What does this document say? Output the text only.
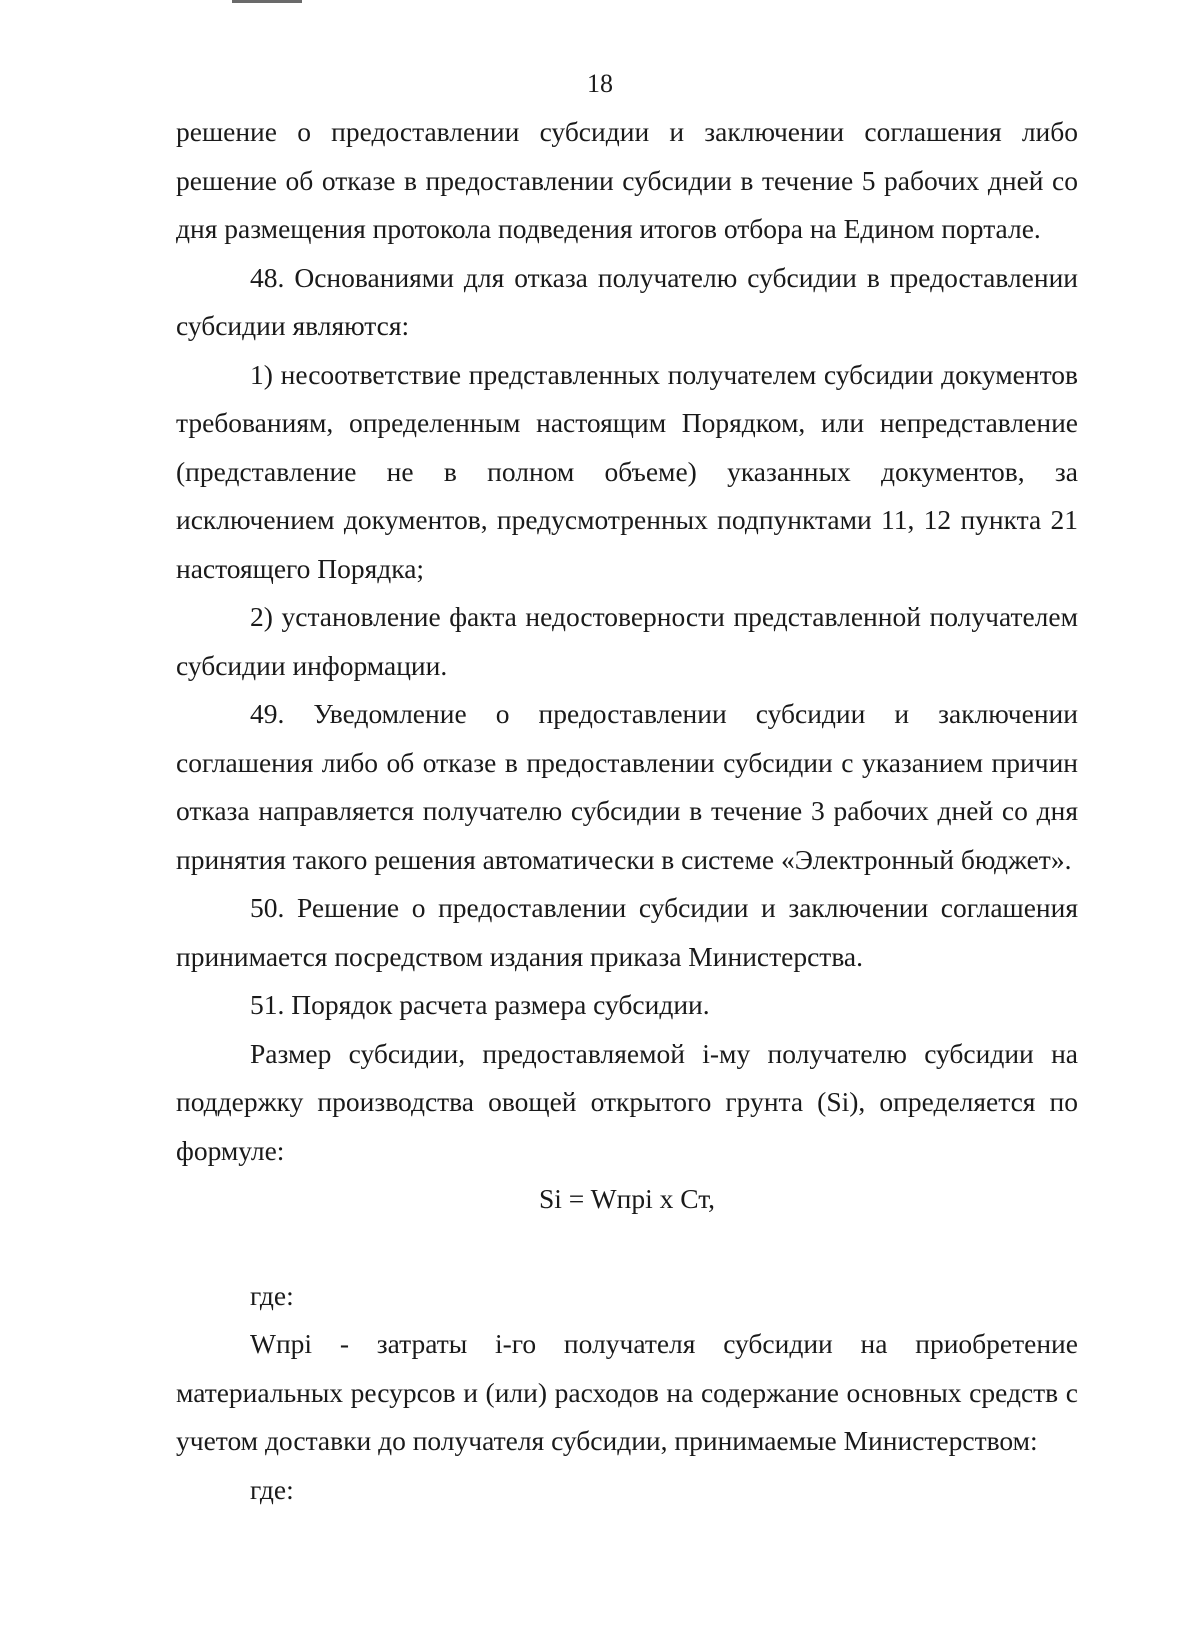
18

решение о предоставлении субсидии и заключении соглашения либо решение об отказе в предоставлении субсидии в течение 5 рабочих дней со дня размещения протокола подведения итогов отбора на Едином портале.

48. Основаниями для отказа получателю субсидии в предоставлении субсидии являются:

1) несоответствие представленных получателем субсидии документов требованиям, определенным настоящим Порядком, или непредставление (представление не в полном объеме) указанных документов, за исключением документов, предусмотренных подпунктами 11, 12 пункта 21 настоящего Порядка;

2) установление факта недостоверности представленной получателем субсидии информации.

49. Уведомление о предоставлении субсидии и заключении соглашения либо об отказе в предоставлении субсидии с указанием причин отказа направляется получателю субсидии в течение 3 рабочих дней со дня принятия такого решения автоматически в системе «Электронный бюджет».

50. Решение о предоставлении субсидии и заключении соглашения принимается посредством издания приказа Министерства.

51. Порядок расчета размера субсидии.

Размер субсидии, предоставляемой i-му получателю субсидии на поддержку производства овощей открытого грунта (Si), определяется по формуле:

Si = Wпрi x Ст,

где:

Wпрi - затраты i-го получателя субсидии на приобретение материальных ресурсов и (или) расходов на содержание основных средств с учетом доставки до получателя субсидии, принимаемые Министерством:

где:
